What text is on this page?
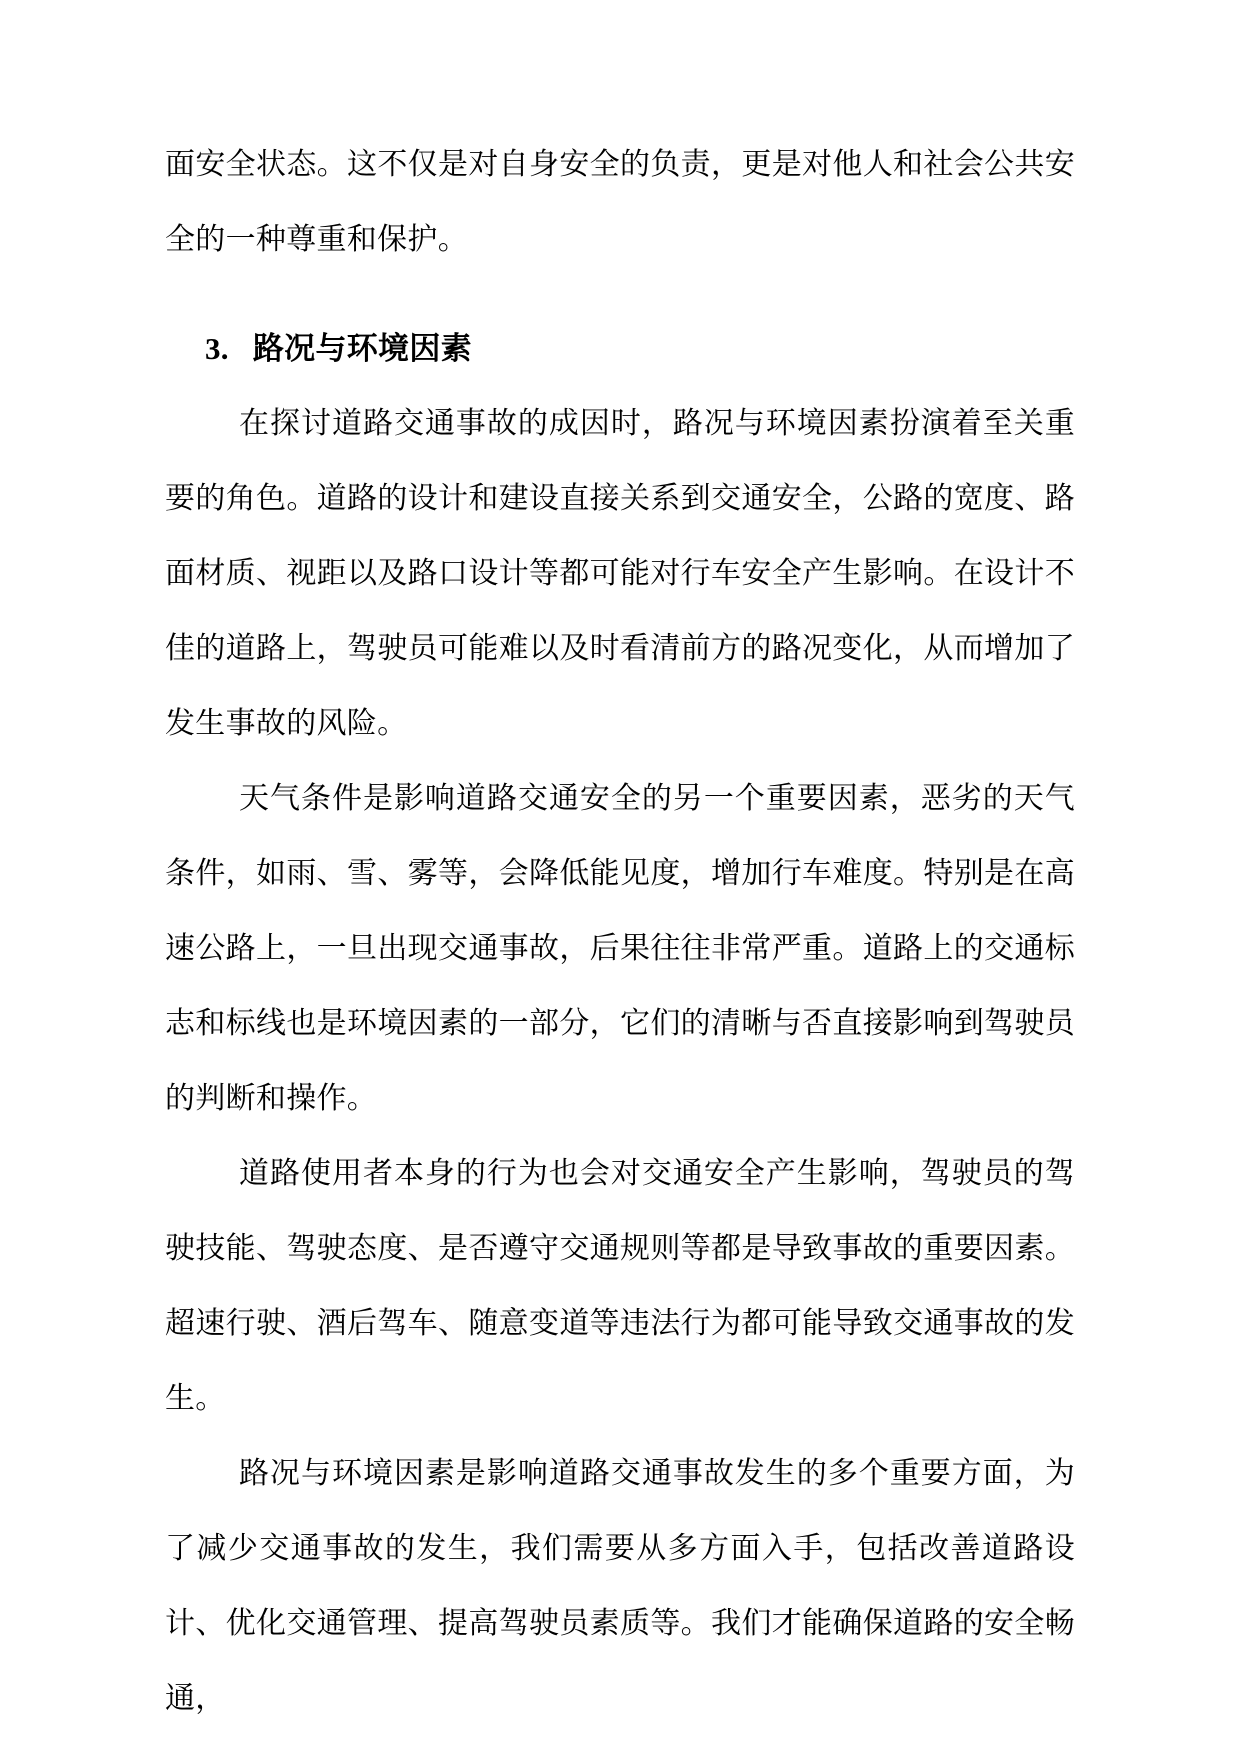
面安全状态。这不仅是对自身安全的负责，更是对他人和社会公共安全的一种尊重和保护。

3. 路况与环境因素

在探讨道路交通事故的成因时，路况与环境因素扮演着至关重要的角色。道路的设计和建设直接关系到交通安全，公路的宽度、路面材质、视距以及路口设计等都可能对行车安全产生影响。在设计不佳的道路上，驾驶员可能难以及时看清前方的路况变化，从而增加了发生事故的风险。

天气条件是影响道路交通安全的另一个重要因素，恶劣的天气条件，如雨、雪、雾等，会降低能见度，增加行车难度。特别是在高速公路上，一旦出现交通事故，后果往往非常严重。道路上的交通标志和标线也是环境因素的一部分，它们的清晰与否直接影响到驾驶员的判断和操作。

道路使用者本身的行为也会对交通安全产生影响，驾驶员的驾驶技能、驾驶态度、是否遵守交通规则等都是导致事故的重要因素。超速行驶、酒后驾车、随意变道等违法行为都可能导致交通事故的发生。

路况与环境因素是影响道路交通事故发生的多个重要方面，为了减少交通事故的发生，我们需要从多方面入手，包括改善道路设计、优化交通管理、提高驾驶员素质等。我们才能确保道路的安全畅通，
